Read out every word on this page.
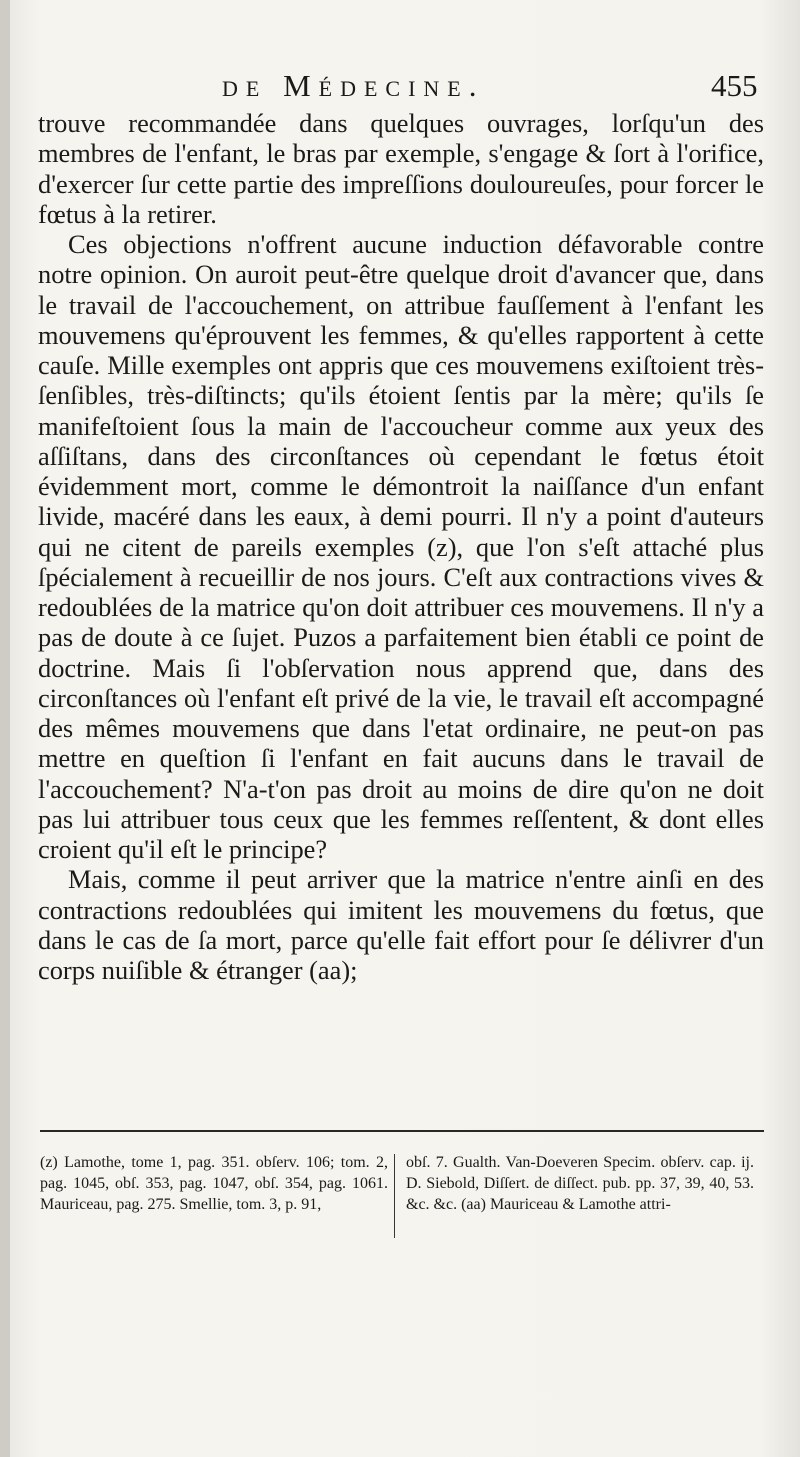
de Médecine.	455

trouve recommandée dans quelques ouvrages, lorſqu'un des membres de l'enfant, le bras par exemple, s'engage & ſort à l'orifice, d'exercer ſur cette partie des impreſſions douloureuſes, pour forcer le fœtus à la retirer.

Ces objections n'offrent aucune induction défavorable contre notre opinion. On auroit peut-être quelque droit d'avancer que, dans le travail de l'accouchement, on attribue fauſſement à l'enfant les mouvemens qu'éprouvent les femmes, & qu'elles rapportent à cette cauſe. Mille exemples ont appris que ces mouvemens exiſtoient très-ſenſibles, très-diſtincts; qu'ils étoient ſentis par la mère; qu'ils ſe manifeſtoient ſous la main de l'accoucheur comme aux yeux des aſſiſtans, dans des circonſtances où cependant le fœtus étoit évidemment mort, comme le démontroit la naiſſance d'un enfant livide, macéré dans les eaux, à demi pourri. Il n'y a point d'auteurs qui ne citent de pareils exemples (z), que l'on s'eſt attaché plus ſpécialement à recueillir de nos jours. C'eſt aux contractions vives & redoublées de la matrice qu'on doit attribuer ces mouvemens. Il n'y a pas de doute à ce ſujet. Puzos a parfaitement bien établi ce point de doctrine. Mais ſi l'obſervation nous apprend que, dans des circonſtances où l'enfant eſt privé de la vie, le travail eſt accompagné des mêmes mouvemens que dans l'etat ordinaire, ne peut-on pas mettre en queſtion ſi l'enfant en fait aucuns dans le travail de l'accouchement? N'a-t'on pas droit au moins de dire qu'on ne doit pas lui attribuer tous ceux que les femmes reſſentent, & dont elles croient qu'il eſt le principe?

Mais, comme il peut arriver que la matrice n'entre ainſi en des contractions redoublées qui imitent les mouvemens du fœtus, que dans le cas de ſa mort, parce qu'elle fait effort pour ſe délivrer d'un corps nuiſible & étranger (aa);

(z) Lamothe, tome 1, pag. 351. obſerv. 106; tom. 2, pag. 1045, obſ. 353, pag. 1047, obſ. 354, pag. 1061. Mauriceau, pag. 275. Smellie, tom. 3, p. 91,

obſ. 7. Gualth. Van-Doeveren Specim. obſerv. cap. ij. D. Siebold, Diſſert. de diſſect. pub. pp. 37, 39, 40, 53. &c. &c. (aa) Mauriceau & Lamothe attri-
